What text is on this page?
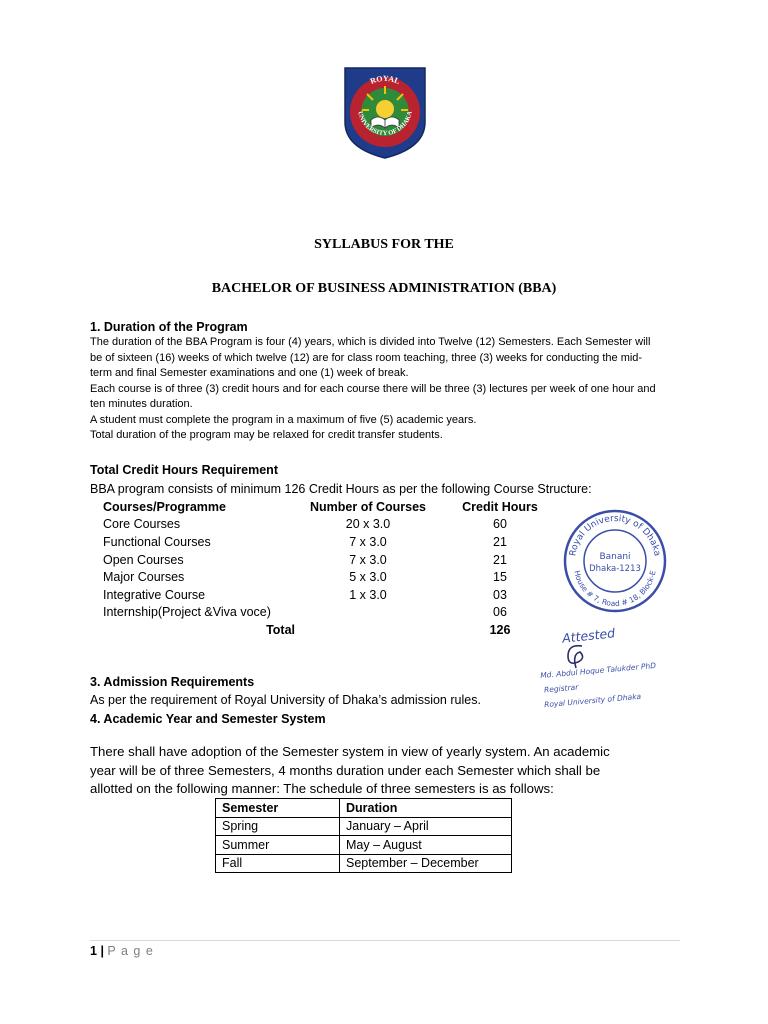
ROYAL
UNIVERSITY OF DHAKA
SYLLABUS FOR THE
BACHELOR OF BUSINESS ADMINISTRATION (BBA)
1. Duration of the Program
The duration of the BBA Program is four (4) years, which is divided into Twelve (12) Semesters. Each Semester will
be of sixteen (16) weeks of which twelve (12) are for class room teaching, three (3) weeks for conducting the mid-
term and final Semester examinations and one (1) week of break.
Each course is of three (3) credit hours and for each course there will be three (3) lectures per week of one hour and
ten minutes duration.
A student must complete the program in a maximum of five (5) academic years.
Total duration of the program may be relaxed for credit transfer students.
Total Credit Hours Requirement
BBA program consists of minimum 126 Credit Hours as per the following Course Structure:
Courses/Programme	Number of Courses	Credit Hours
Core Courses	20 x 3.0	60
Functional Courses	7 x 3.0	21
Open Courses	7 x 3.0	21
Major Courses	5 x 3.0	15
Integrative Course	1 x 3.0	03
Internship(Project &Viva voce)		06
Total		126
Royal University of Dhaka
House # 7, Road # 18, Block-E
Banani
Dhaka-1213
Attested
Md. Abdul Hoque Talukder PhD
Registrar
Royal University of Dhaka
3. Admission Requirements
As per the requirement of Royal University of Dhaka’s admission rules.
4. Academic Year and Semester System
There shall have adoption of the Semester system in view of yearly system. An academic
year will be of three Semesters, 4 months duration under each Semester which shall be
allotted on the following manner: The schedule of three semesters is as follows:
Semester	Duration
Spring	January – April
Summer	May – August
Fall	September – December
1 | P a g e
